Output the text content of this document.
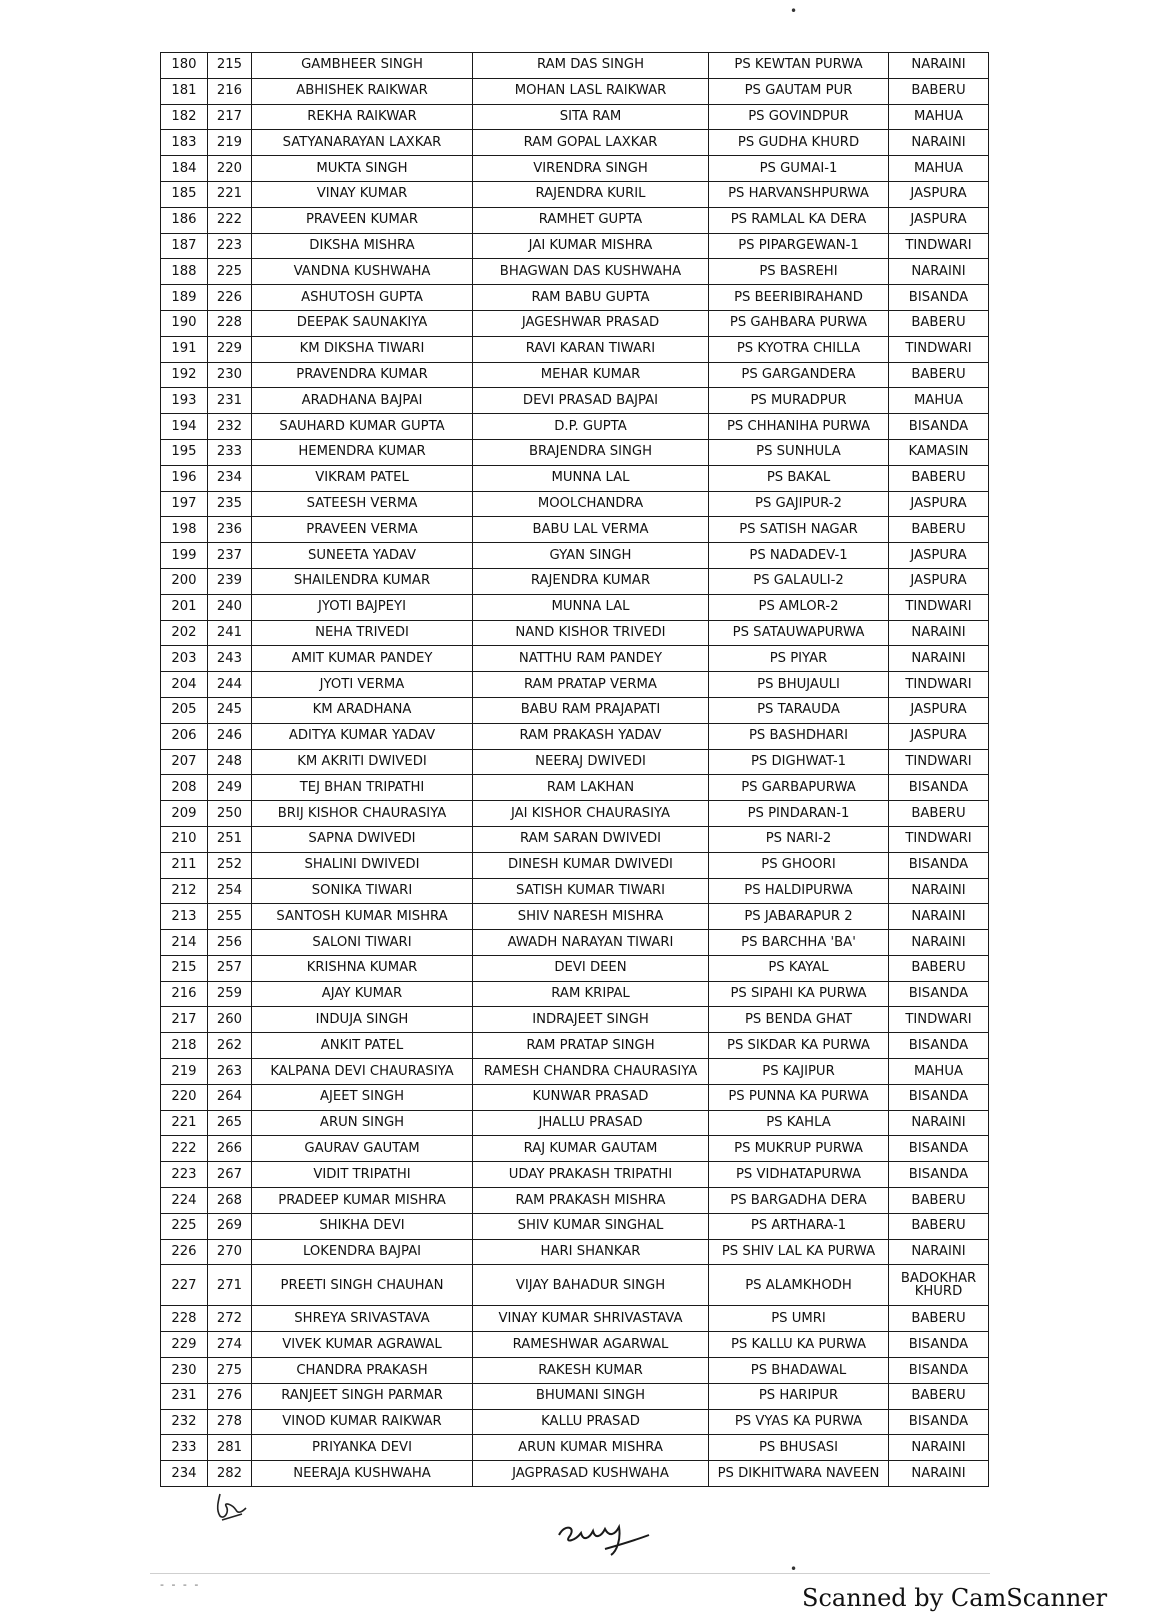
•
180	215	GAMBHEER SINGH	RAM DAS SINGH	PS KEWTAN PURWA	NARAINI
181	216	ABHISHEK RAIKWAR	MOHAN LASL RAIKWAR	PS GAUTAM PUR	BABERU
182	217	REKHA RAIKWAR	SITA RAM	PS GOVINDPUR	MAHUA
183	219	SATYANARAYAN LAXKAR	RAM GOPAL LAXKAR	PS GUDHA KHURD	NARAINI
184	220	MUKTA SINGH	VIRENDRA SINGH	PS GUMAI-1	MAHUA
185	221	VINAY KUMAR	RAJENDRA KURIL	PS HARVANSHPURWA	JASPURA
186	222	PRAVEEN KUMAR	RAMHET GUPTA	PS RAMLAL KA DERA	JASPURA
187	223	DIKSHA MISHRA	JAI KUMAR MISHRA	PS PIPARGEWAN-1	TINDWARI
188	225	VANDNA KUSHWAHA	BHAGWAN DAS KUSHWAHA	PS BASREHI	NARAINI
189	226	ASHUTOSH GUPTA	RAM BABU GUPTA	PS BEERIBIRAHAND	BISANDA
190	228	DEEPAK SAUNAKIYA	JAGESHWAR PRASAD	PS GAHBARA PURWA	BABERU
191	229	KM DIKSHA TIWARI	RAVI KARAN TIWARI	PS KYOTRA CHILLA	TINDWARI
192	230	PRAVENDRA KUMAR	MEHAR KUMAR	PS GARGANDERA	BABERU
193	231	ARADHANA BAJPAI	DEVI PRASAD BAJPAI	PS MURADPUR	MAHUA
194	232	SAUHARD KUMAR GUPTA	D.P. GUPTA	PS CHHANIHA PURWA	BISANDA
195	233	HEMENDRA KUMAR	BRAJENDRA SINGH	PS SUNHULA	KAMASIN
196	234	VIKRAM PATEL	MUNNA LAL	PS BAKAL	BABERU
197	235	SATEESH VERMA	MOOLCHANDRA	PS GAJIPUR-2	JASPURA
198	236	PRAVEEN VERMA	BABU LAL VERMA	PS SATISH NAGAR	BABERU
199	237	SUNEETA YADAV	GYAN SINGH	PS NADADEV-1	JASPURA
200	239	SHAILENDRA KUMAR	RAJENDRA KUMAR	PS GALAULI-2	JASPURA
201	240	JYOTI BAJPEYI	MUNNA LAL	PS AMLOR-2	TINDWARI
202	241	NEHA TRIVEDI	NAND KISHOR TRIVEDI	PS SATAUWAPURWA	NARAINI
203	243	AMIT KUMAR PANDEY	NATTHU RAM PANDEY	PS PIYAR	NARAINI
204	244	JYOTI VERMA	RAM PRATAP VERMA	PS BHUJAULI	TINDWARI
205	245	KM ARADHANA	BABU RAM PRAJAPATI	PS TARAUDA	JASPURA
206	246	ADITYA KUMAR YADAV	RAM PRAKASH YADAV	PS BASHDHARI	JASPURA
207	248	KM AKRITI DWIVEDI	NEERAJ DWIVEDI	PS DIGHWAT-1	TINDWARI
208	249	TEJ BHAN TRIPATHI	RAM LAKHAN	PS GARBAPURWA	BISANDA
209	250	BRIJ KISHOR CHAURASIYA	JAI KISHOR CHAURASIYA	PS PINDARAN-1	BABERU
210	251	SAPNA DWIVEDI	RAM SARAN DWIVEDI	PS NARI-2	TINDWARI
211	252	SHALINI DWIVEDI	DINESH KUMAR DWIVEDI	PS GHOORI	BISANDA
212	254	SONIKA TIWARI	SATISH KUMAR TIWARI	PS HALDIPURWA	NARAINI
213	255	SANTOSH KUMAR MISHRA	SHIV NARESH MISHRA	PS JABARAPUR 2	NARAINI
214	256	SALONI TIWARI	AWADH NARAYAN TIWARI	PS BARCHHA 'BA'	NARAINI
215	257	KRISHNA KUMAR	DEVI DEEN	PS KAYAL	BABERU
216	259	AJAY KUMAR	RAM KRIPAL	PS SIPAHI KA PURWA	BISANDA
217	260	INDUJA SINGH	INDRAJEET SINGH	PS BENDA GHAT	TINDWARI
218	262	ANKIT PATEL	RAM PRATAP SINGH	PS SIKDAR KA PURWA	BISANDA
219	263	KALPANA DEVI CHAURASIYA	RAMESH CHANDRA CHAURASIYA	PS KAJIPUR	MAHUA
220	264	AJEET SINGH	KUNWAR PRASAD	PS PUNNA KA PURWA	BISANDA
221	265	ARUN SINGH	JHALLU PRASAD	PS KAHLA	NARAINI
222	266	GAURAV GAUTAM	RAJ KUMAR GAUTAM	PS MUKRUP PURWA	BISANDA
223	267	VIDIT TRIPATHI	UDAY PRAKASH TRIPATHI	PS VIDHATAPURWA	BISANDA
224	268	PRADEEP KUMAR MISHRA	RAM PRAKASH MISHRA	PS BARGADHA DERA	BABERU
225	269	SHIKHA DEVI	SHIV KUMAR SINGHAL	PS ARTHARA-1	BABERU
226	270	LOKENDRA BAJPAI	HARI SHANKAR	PS SHIV LAL KA PURWA	NARAINI
227	271	PREETI SINGH CHAUHAN	VIJAY BAHADUR SINGH	PS ALAMKHODH	BADOKHAR KHURD
228	272	SHREYA SRIVASTAVA	VINAY KUMAR SHRIVASTAVA	PS UMRI	BABERU
229	274	VIVEK KUMAR AGRAWAL	RAMESHWAR AGARWAL	PS KALLU KA PURWA	BISANDA
230	275	CHANDRA PRAKASH	RAKESH KUMAR	PS BHADAWAL	BISANDA
231	276	RANJEET SINGH PARMAR	BHUMANI SINGH	PS HARIPUR	BABERU
232	278	VINOD KUMAR RAIKWAR	KALLU PRASAD	PS VYAS KA PURWA	BISANDA
233	281	PRIYANKA DEVI	ARUN KUMAR MISHRA	PS BHUSASI	NARAINI
234	282	NEERAJA KUSHWAHA	JAGPRASAD KUSHWAHA	PS DIKHITWARA NAVEEN	NARAINI
•
- - - -	Scanned by CamScanner
